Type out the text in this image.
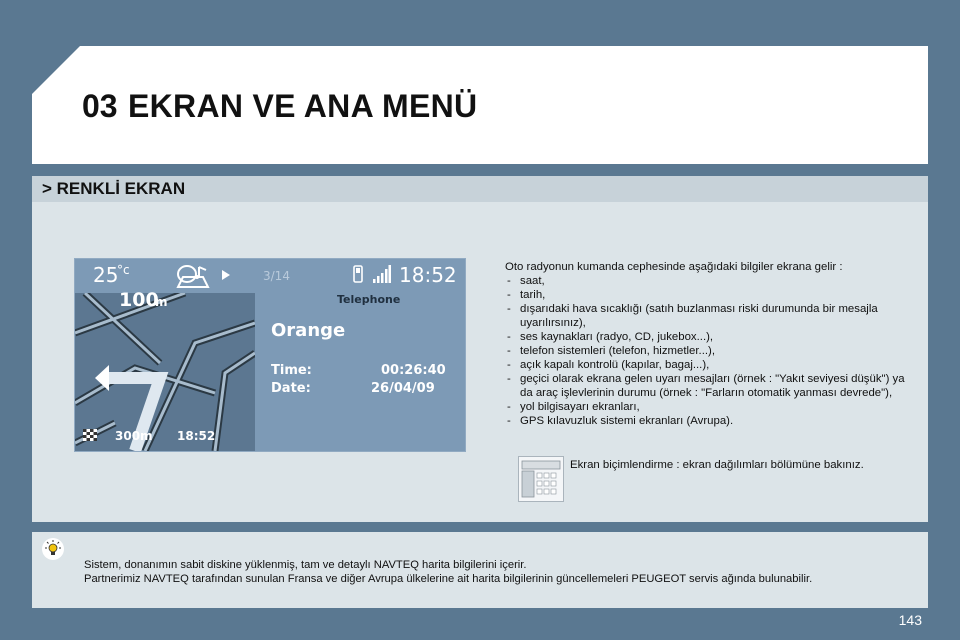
03 EKRAN VE ANA MENÜ
> RENKLİ EKRAN
25
°c	3/14	18:52
100
m
300m 18:52
Telephone
Orange
Time:	00:26:40
Date:	26/04/09
Oto radyonun kumanda cephesinde aşağıdaki bilgiler ekrana gelir :
- saat,
- tarih,
- dışarıdaki hava sıcaklığı (satıh buzlanması riski durumunda bir mesajla uyarılırsınız),
- ses kaynakları (radyo, CD, jukebox...),
- telefon sistemleri (telefon, hizmetler...),
- açık kapalı kontrolü (kapılar, bagaj...),
- geçici olarak ekrana gelen uyarı mesajları (örnek : "Yakıt seviyesi düşük") ya da araç işlevlerinin durumu (örnek : "Farların otomatik yanması devrede"),
- yol bilgisayarı ekranları,
- GPS kılavuzluk sistemi ekranları (Avrupa).
Ekran biçimlendirme : ekran dağılımları bölümüne bakınız.
Sistem, donanımın sabit diskine yüklenmiş, tam ve detaylı NAVTEQ harita bilgilerini içerir.
Partnerimiz NAVTEQ tarafından sunulan Fransa ve diğer Avrupa ülkelerine ait harita bilgilerinin güncellemeleri PEUGEOT servis ağında bulunabilir.
143
